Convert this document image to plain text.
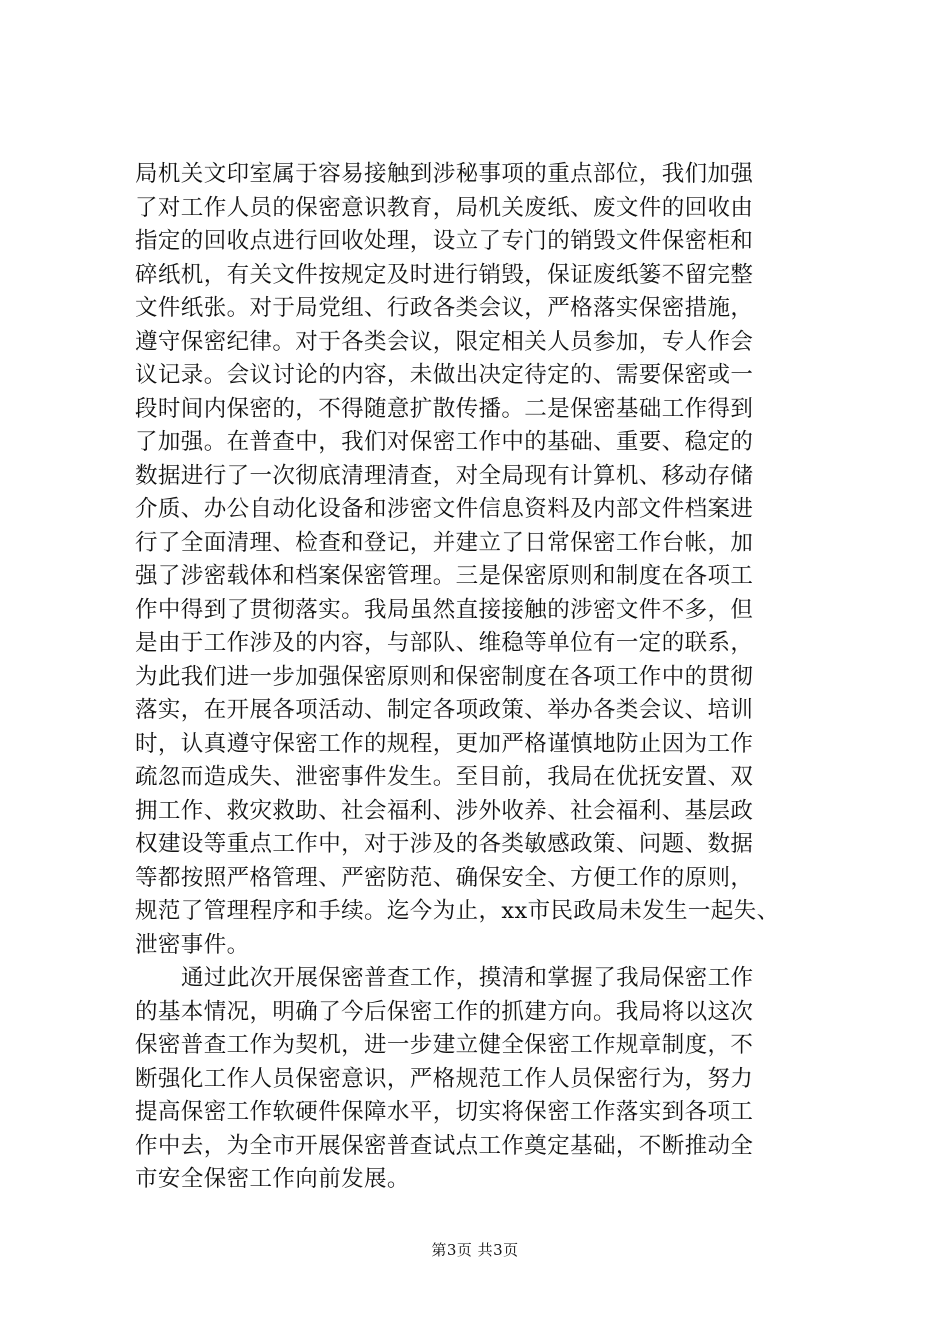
局机关文印室属于容易接触到涉秘事项的重点部位，我们加强
了对工作人员的保密意识教育，局机关废纸、废文件的回收由
指定的回收点进行回收处理，设立了专门的销毁文件保密柜和
碎纸机，有关文件按规定及时进行销毁，保证废纸篓不留完整
文件纸张。对于局党组、行政各类会议，严格落实保密措施，
遵守保密纪律。对于各类会议，限定相关人员参加，专人作会
议记录。会议讨论的内容，未做出决定待定的、需要保密或一
段时间内保密的，不得随意扩散传播。二是保密基础工作得到
了加强。在普查中，我们对保密工作中的基础、重要、稳定的
数据进行了一次彻底清理清查，对全局现有计算机、移动存储
介质、办公自动化设备和涉密文件信息资料及内部文件档案进
行了全面清理、检查和登记，并建立了日常保密工作台帐，加
强了涉密载体和档案保密管理。三是保密原则和制度在各项工
作中得到了贯彻落实。我局虽然直接接触的涉密文件不多，但
是由于工作涉及的内容，与部队、维稳等单位有一定的联系，
为此我们进一步加强保密原则和保密制度在各项工作中的贯彻
落实，在开展各项活动、制定各项政策、举办各类会议、培训
时，认真遵守保密工作的规程，更加严格谨慎地防止因为工作
疏忽而造成失、泄密事件发生。至目前，我局在优抚安置、双
拥工作、救灾救助、社会福利、涉外收养、社会福利、基层政
权建设等重点工作中，对于涉及的各类敏感政策、问题、数据
等都按照严格管理、严密防范、确保安全、方便工作的原则，
规范了管理程序和手续。迄今为止，xx市民政局未发生一起失、
泄密事件。
通过此次开展保密普查工作，摸清和掌握了我局保密工作
的基本情况，明确了今后保密工作的抓建方向。我局将以这次
保密普查工作为契机，进一步建立健全保密工作规章制度，不
断强化工作人员保密意识，严格规范工作人员保密行为，努力
提高保密工作软硬件保障水平，切实将保密工作落实到各项工
作中去，为全市开展保密普查试点工作奠定基础，不断推动全
市安全保密工作向前发展。
第3页 共3页
